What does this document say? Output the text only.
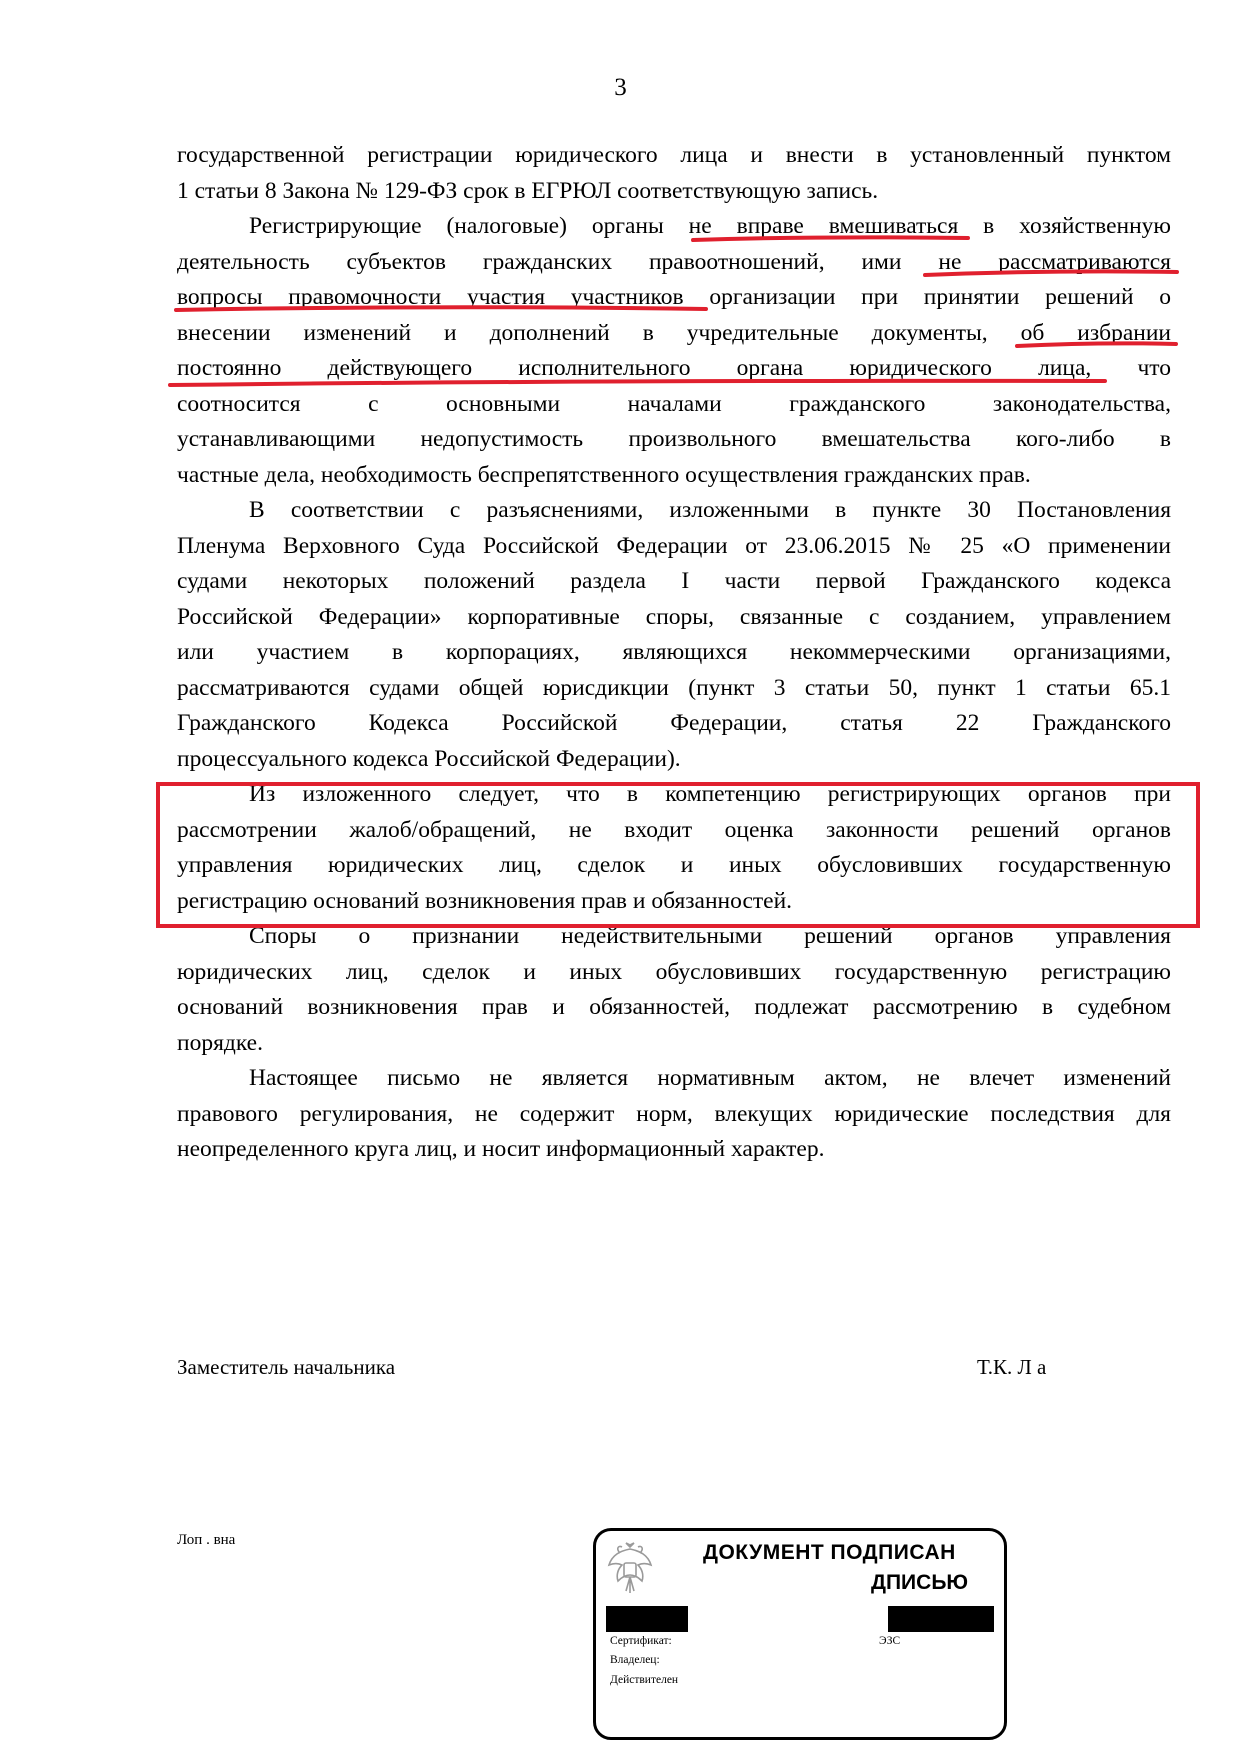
3
государственной регистрации юридического лица и внести в установленный пунктом
1 статьи 8 Закона № 129-ФЗ срок в ЕГРЮЛ соответствующую запись.
Регистрирующие (налоговые) органы не вправе вмешиваться в хозяйственную
деятельность субъектов гражданских правоотношений, ими не рассматриваются
вопросы правомочности участия участников организации при принятии решений о
внесении изменений и дополнений в учредительные документы, об избрании
постоянно действующего исполнительного органа юридического лица, что
соотносится с основными началами гражданского законодательства,
устанавливающими недопустимость произвольного вмешательства кого-либо в
частные дела, необходимость беспрепятственного осуществления гражданских прав.
В соответствии с разъяснениями, изложенными в пункте 30 Постановления
Пленума Верховного Суда Российской Федерации от 23.06.2015 № 25 «О применении
судами некоторых положений раздела I части первой Гражданского кодекса
Российской Федерации» корпоративные споры, связанные с созданием, управлением
или участием в корпорациях, являющихся некоммерческими организациями,
рассматриваются судами общей юрисдикции (пункт 3 статьи 50, пункт 1 статьи 65.1
Гражданского Кодекса Российской Федерации, статья 22 Гражданского
процессуального кодекса Российской Федерации).
Из изложенного следует, что в компетенцию регистрирующих органов при
рассмотрении жалоб/обращений, не входит оценка законности решений органов
управления юридических лиц, сделок и иных обусловивших государственную
регистрацию оснований возникновения прав и обязанностей.
Споры о признании недействительными решений органов управления
юридических лиц, сделок и иных обусловивших государственную регистрацию
оснований возникновения прав и обязанностей, подлежат рассмотрению в судебном
порядке.
Настоящее письмо не является нормативным актом, не влечет изменений
правового регулирования, не содержит норм, влекущих юридические последствия для
неопределенного круга лиц, и носит информационный характер.
Заместитель начальника	Т.К. Л а
Лоп . вна
ДОКУМЕНТ ПОДПИСАН
ДПИСЬЮ
Сертификат:	ЭЗС
Владелец:
Действителен
